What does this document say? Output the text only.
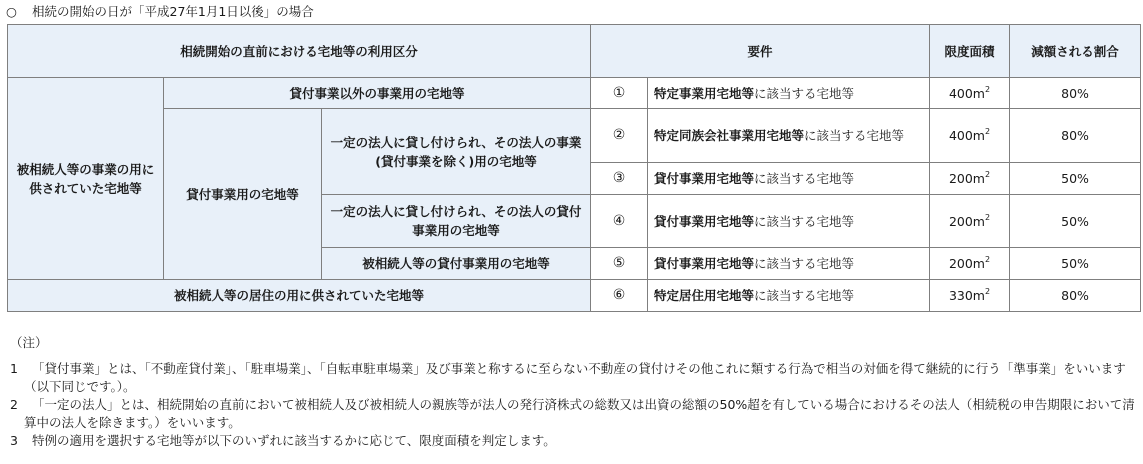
○ 相続の開始の日が「平成27年1月1日以後」の場合
相続開始の直前における宅地等の利用区分			要件		限度面積	減額される割合
被相続人等の事業の用に供されていた宅地等	貸付事業以外の事業用の宅地等		①	特定事業用宅地等に該当する宅地等	$400m^2$	80%
	貸付事業用の宅地等	一定の法人に貸し付けられ、その法人の事業(貸付事業を除く)用の宅地等	②	特定同族会社事業用宅地等に該当する宅地等	$400m^2$	80%
			③	貸付事業用宅地等に該当する宅地等	$200m^2$	50%
		一定の法人に貸し付けられ、その法人の貸付事業用の宅地等	④	貸付事業用宅地等に該当する宅地等	$200m^2$	50%
		被相続人等の貸付事業用の宅地等	⑤	貸付事業用宅地等に該当する宅地等	$200m^2$	50%
被相続人等の居住の用に供されていた宅地等			⑥	特定居住用宅地等に該当する宅地等	$330m^2$	80%
（注）
1 「貸付事業」とは、「不動産貸付業」、「駐車場業」、「自転車駐車場業」及び事業と称するに至らない不動産の貸付けその他これに類する行為で相当の対価を得て継続的に行う「準事業」をいいます（以下同じです。）。
2 「一定の法人」とは、相続開始の直前において被相続人及び被相続人の親族等が法人の発行済株式の総数又は出資の総額の50%超を有している場合におけるその法人（相続税の申告期限において清算中の法人を除きます。）をいいます。
3 特例の適用を選択する宅地等が以下のいずれに該当するかに応じて、限度面積を判定します。
